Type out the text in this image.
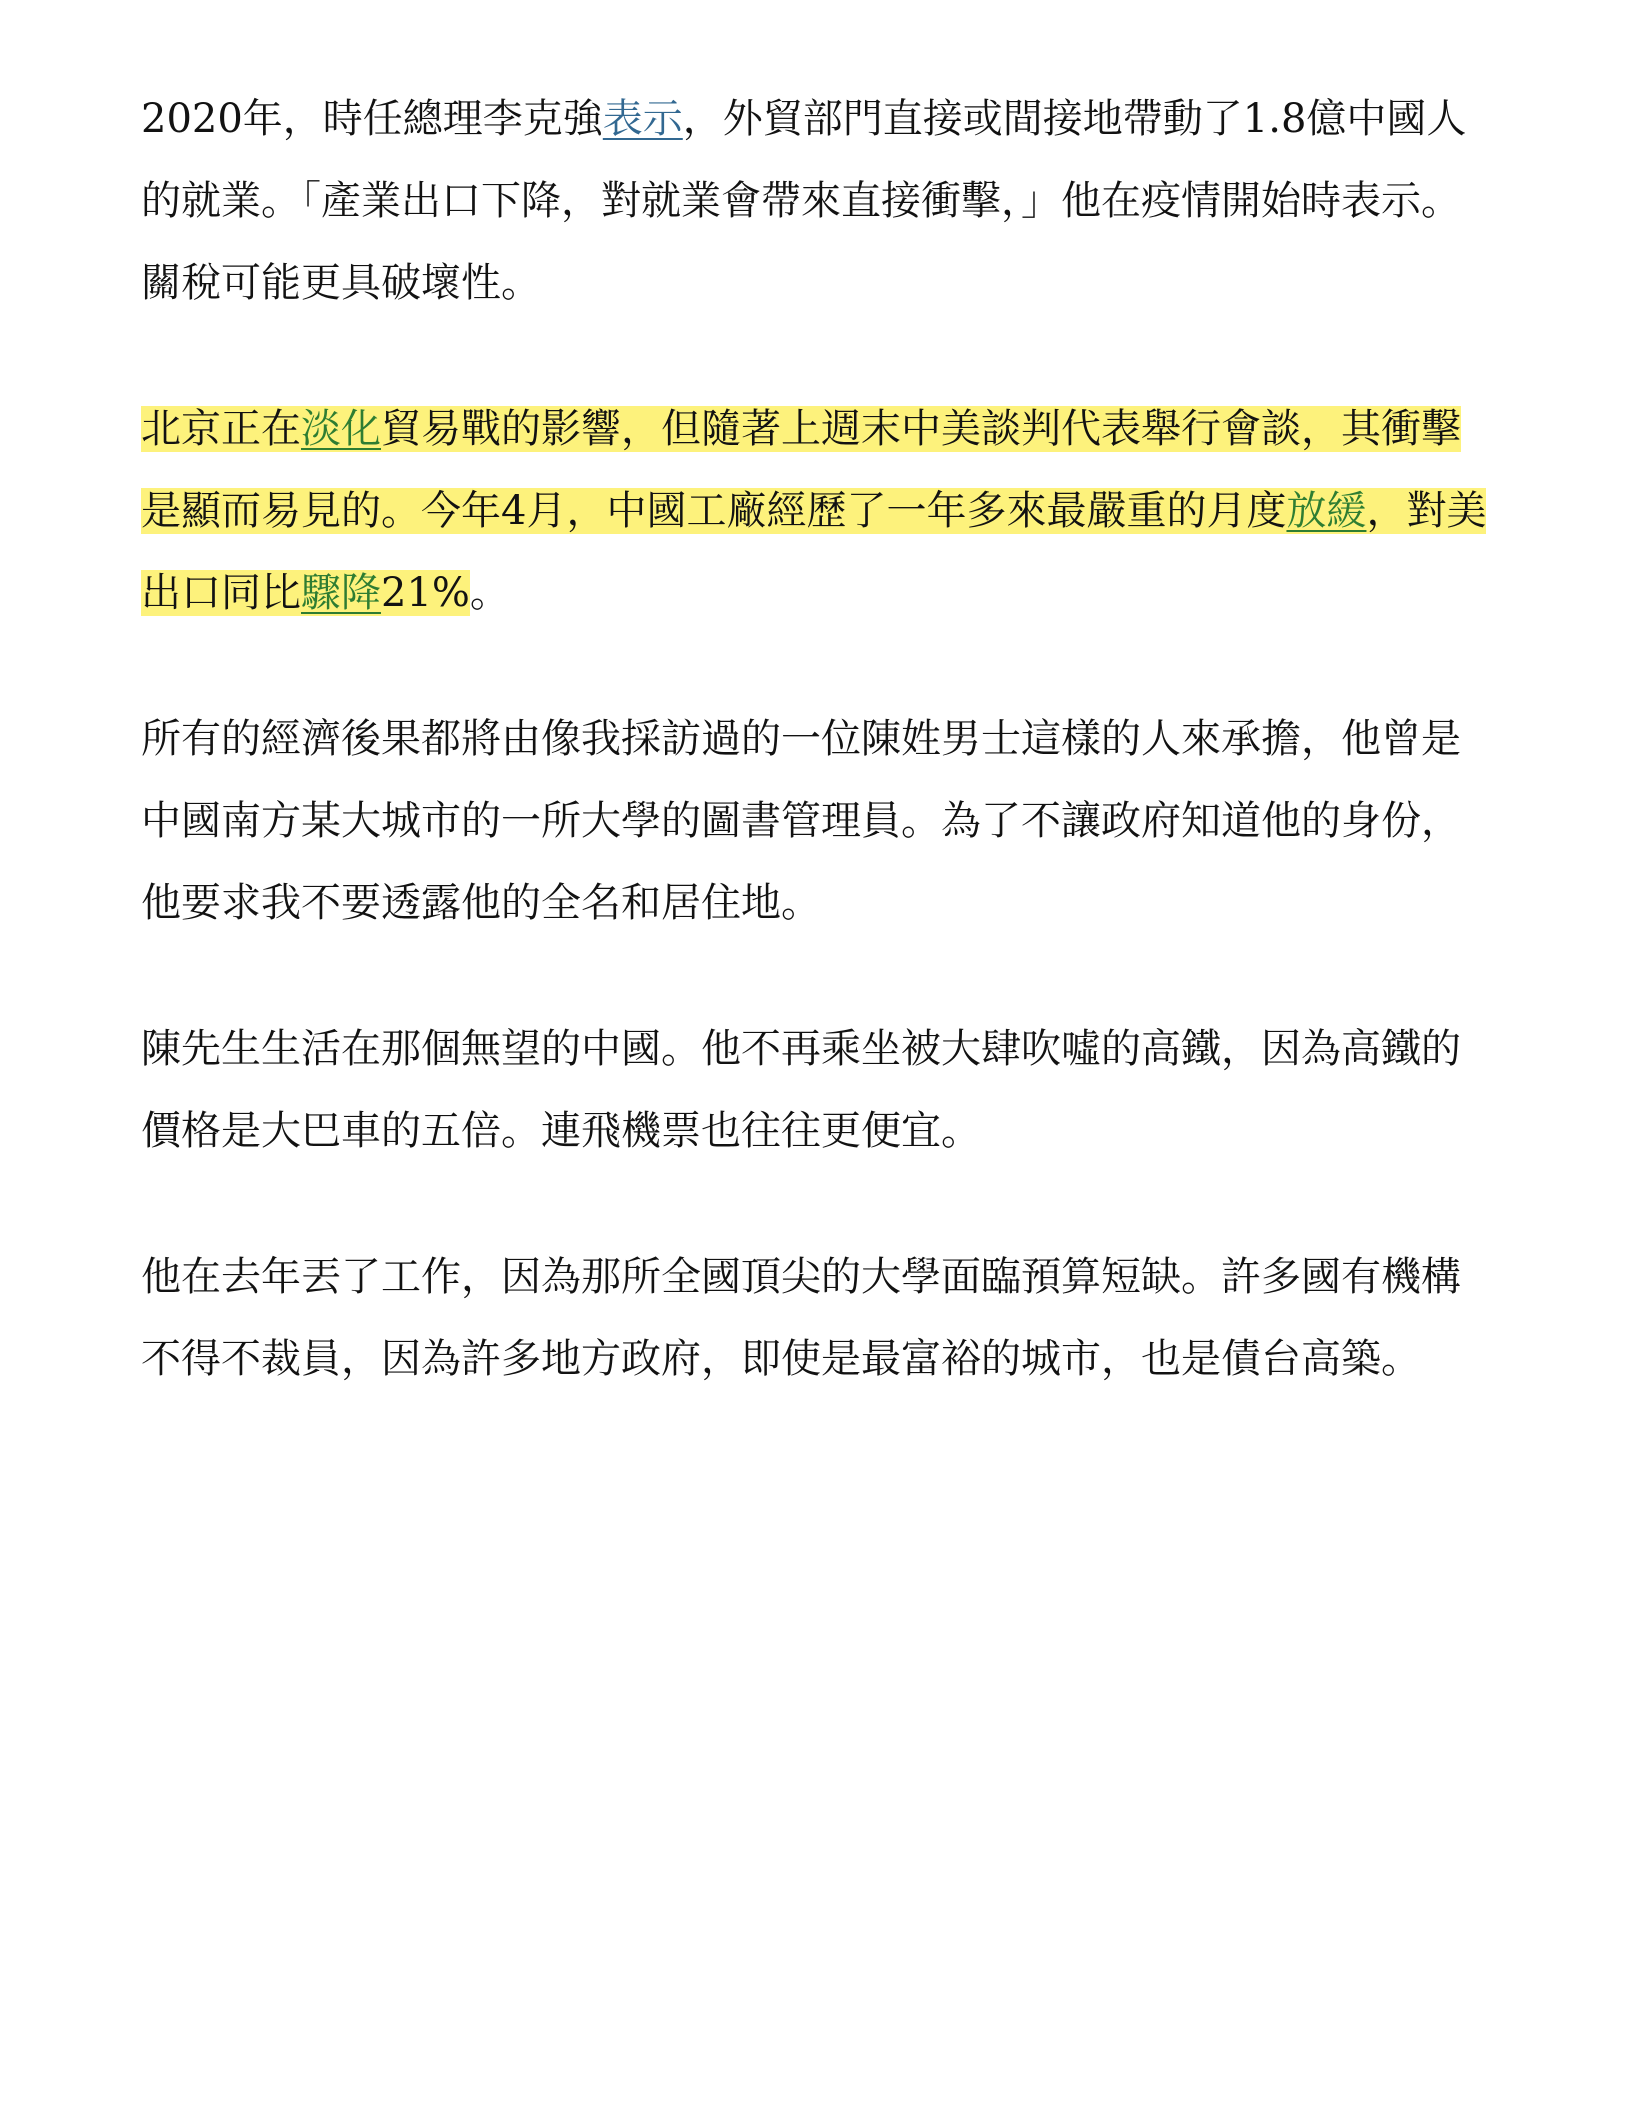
2020年，時任總理李克強表示，外貿部門直接或間接地帶動了1.8億中國人的就業。「產業出口下降，對就業會帶來直接衝擊，」他在疫情開始時表示。關稅可能更具破壞性。

北京正在淡化貿易戰的影響，但隨著上週末中美談判代表舉行會談，其衝擊是顯而易見的。今年4月，中國工廠經歷了一年多來最嚴重的月度放緩，對美出口同比驟降21%。

所有的經濟後果都將由像我採訪過的一位陳姓男士這樣的人來承擔，他曾是中國南方某大城市的一所大學的圖書管理員。為了不讓政府知道他的身份，他要求我不要透露他的全名和居住地。

陳先生生活在那個無望的中國。他不再乘坐被大肆吹噓的高鐵，因為高鐵的價格是大巴車的五倍。連飛機票也往往更便宜。

他在去年丟了工作，因為那所全國頂尖的大學面臨預算短缺。許多國有機構不得不裁員，因為許多地方政府，即使是最富裕的城市，也是債台高築。
